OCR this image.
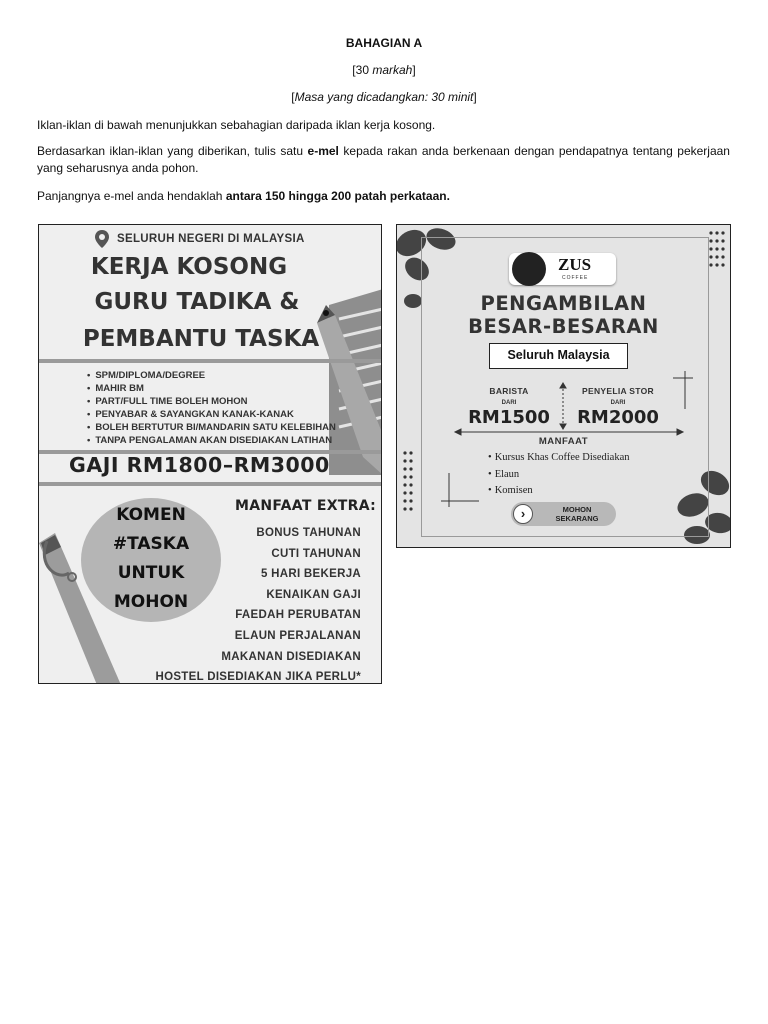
BAHAGIAN A
[30 markah]
[Masa yang dicadangkan: 30 minit]
Iklan-iklan di bawah menunjukkan sebahagian daripada iklan kerja kosong.
Berdasarkan iklan-iklan yang diberikan, tulis satu e-mel kepada rakan anda berkenaan dengan pendapatnya tentang pekerjaan yang seharusnya anda pohon.
Panjangnya e-mel anda hendaklah antara 150 hingga 200 patah perkataan.
SELURUH NEGERI DI MALAYSIA
KERJA KOSONG
GURU TADIKA &
PEMBANTU TASKA
• SPM/DIPLOMA/DEGREE
• MAHIR BM
• PART/FULL TIME BOLEH MOHON
• PENYABAR & SAYANGKAN KANAK-KANAK
• BOLEH BERTUTUR BI/MANDARIN SATU KELEBIHAN
• TANPA PENGALAMAN AKAN DISEDIAKAN LATIHAN
GAJI RM1800–RM3000
KOMEN
#TASKA
UNTUK
MOHON
MANFAAT EXTRA:
BONUS TAHUNAN
CUTI TAHUNAN
5 HARI BEKERJA
KENAIKAN GAJI
FAEDAH PERUBATAN
ELAUN PERJALANAN
MAKANAN DISEDIAKAN
HOSTEL DISEDIAKAN JIKA PERLU*
ZUS
COFFEE
PENGAMBILAN
BESAR-BESARAN
Seluruh Malaysia
BARISTA
DARI
RM1500
PENYELIA STOR
DARI
RM2000
MANFAAT
• Kursus Khas Coffee Disediakan
• Elaun
• Komisen
›	MOHON
SEKARANG
